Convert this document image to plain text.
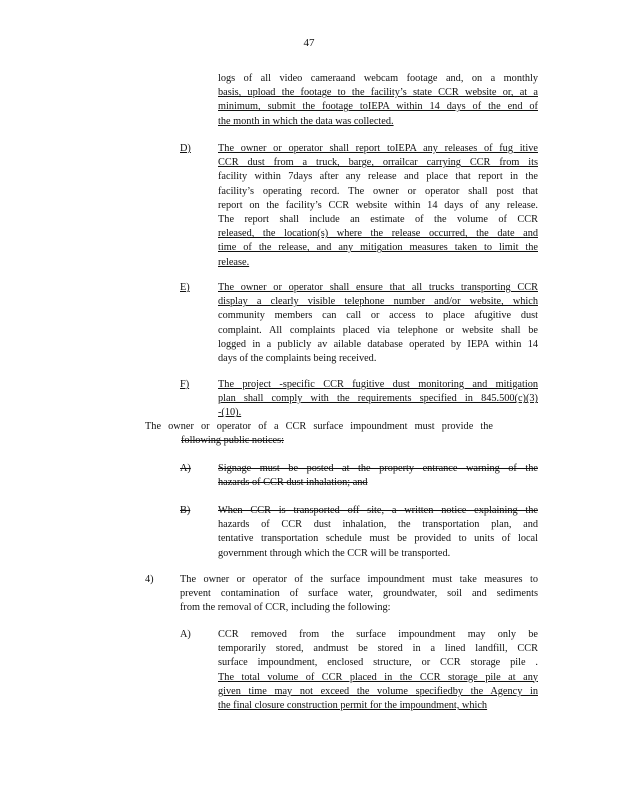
47
logs of all video cameraand webcam footage and, on a monthly
basis, upload the footage to the facility’s state CCR website or, at a
minimum, submit the footage toIEPA within 14 days of the end of
the month in which the data was collected.
D)	The owner or operator shall report toIEPA any releases of fug itive
CCR dust from a truck, barge, orrailcar carrying CCR from its
facility within 7days after any release and place that report in the
facility’s operating record. The owner or operator shall post that
report on the facility’s CCR website within 14 days of any release.
The report shall include an estimate of the volume of CCR
released, the location(s) where the release occurred, the date and
time of the release, and any mitigation measures taken to limit the
release.
E)	The owner or operator shall ensure that all trucks transporting CCR
display a clearly visible telephone number and/or website, which
community members can call or access to place afugitive dust
complaint. All complaints placed via telephone or website shall be
logged in a publicly av ailable database operated by IEPA within 14
days of the complaints being received.
F)	The project -specific CCR fugitive dust monitoring and mitigation
plan shall comply with the requirements specified in 845.500(c)(3)
-(10).
The owner or operator of a CCR surface impoundment must provide the
following public notices:
A)	Signage must be posted at the property entrance warning of the
hazards of CCR dust inhalation; and
B)	When CCR is transported off site, a written notice explaining the
hazards of CCR dust inhalation, the transportation plan, and
tentative transportation schedule must be provided to units of local
government through which the CCR will be transported.
4)	The owner or operator of the surface impoundment must take measures to
prevent contamination of surface water, groundwater, soil and sediments
from the removal of CCR, including the following:
A)	CCR removed from the surface impoundment may only be
temporarily stored, andmust be stored in a lined landfill, CCR
surface impoundment, enclosed structure, or CCR storage pile .
The total volume of CCR placed in the CCR storage pile at any
given time may not exceed the volume specifiedby the Agency in
the final closure construction permit for the impoundment, which
